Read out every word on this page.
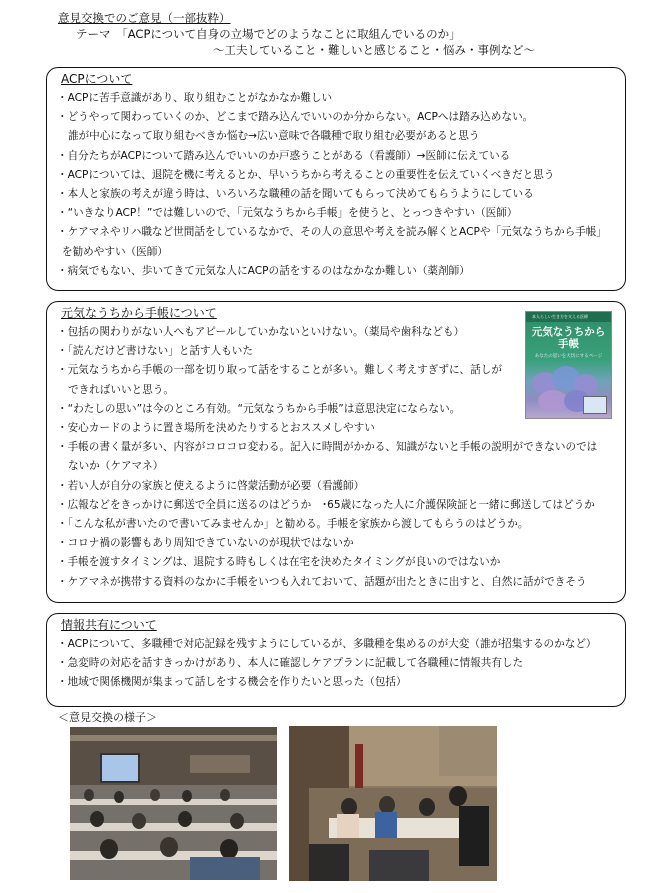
意見交換でのご意見（一部抜粋）
テーマ　「ACPについて自身の立場でどのようなことに取組んでいるのか」
～工夫していること・難しいと感じること・悩み・事例など～
ACPについて
・ACPに苦手意識があり、取り組むことがなかなか難しい
・どうやって関わっていくのか、どこまで踏み込んでいいのか分からない。ACPへは踏み込めない。
誰が中心になって取り組むべきか悩む→広い意味で各職種で取り組む必要があると思う
・自分たちがACPについて踏み込んでいいのか戸惑うことがある（看護師）→医師に伝えている
・ACPについては、退院を機に考えるとか、早いうちから考えることの重要性を伝えていくべきだと思う
・本人と家族の考えが違う時は、いろいろな職種の話を聞いてもらって決めてもらうようにしている
・“いきなりACP！”では難しいので、「元気なうちから手帳」を使うと、とっつきやすい（医師）
・ケアマネやリハ職など世間話をしているなかで、その人の意思や考えを読み解くとACPや「元気なうちから手帳」
を勧めやすい（医師）
・病気でもない、歩いてきて元気な人にACPの話をするのはなかなか難しい（薬剤師）
元気なうちから手帳について
・包括の関わりがない人へもアピールしていかないといけない。（薬局や歯科なども）
・「読んだけど書けない」と話す人もいた
・元気なうちから手帳の一部を切り取って話をすることが多い。難しく考えすぎずに、話しが
できればいいと思う。
・“わたしの思い”は今のところ有効。“元気なうちから手帳”は意思決定にならない。
・安心カードのように置き場所を決めたりするとおススメしやすい
・手帳の書く量が多い、内容がコロコロ変わる。記入に時間がかかる、知識がないと手帳の説明ができないのでは
ないか（ケアマネ）
・若い人が自分の家族と使えるように啓蒙活動が必要（看護師）
・広報などをきっかけに郵送で全員に送るのはどうか　･65歳になった人に介護保険証と一緒に郵送してはどうか
・「こんな私が書いたので書いてみませんか」と勧める。手帳を家族から渡してもらうのはどうか。
・コロナ禍の影響もあり周知できていないのが現状ではないか
・手帳を渡すタイミングは、退院する時もしくは在宅を決めたタイミングが良いのではないか
・ケアマネが携帯する資料のなかに手帳をいつも入れておいて、話題が出たときに出すと、自然に話ができそう
本人らしい生き方を支える医療
元気なうちから
手帳
あなたの思いを大切にするページ
情報共有について
・ACPについて、多職種で対応記録を残すようにしているが、多職種を集めるのが大変（誰が招集するのかなど）
・急変時の対応を話すきっかけがあり、本人に確認しケアプランに記載して各職種に情報共有した
・地域で関係機関が集まって話しをする機会を作りたいと思った（包括）
＜意見交換の様子＞
